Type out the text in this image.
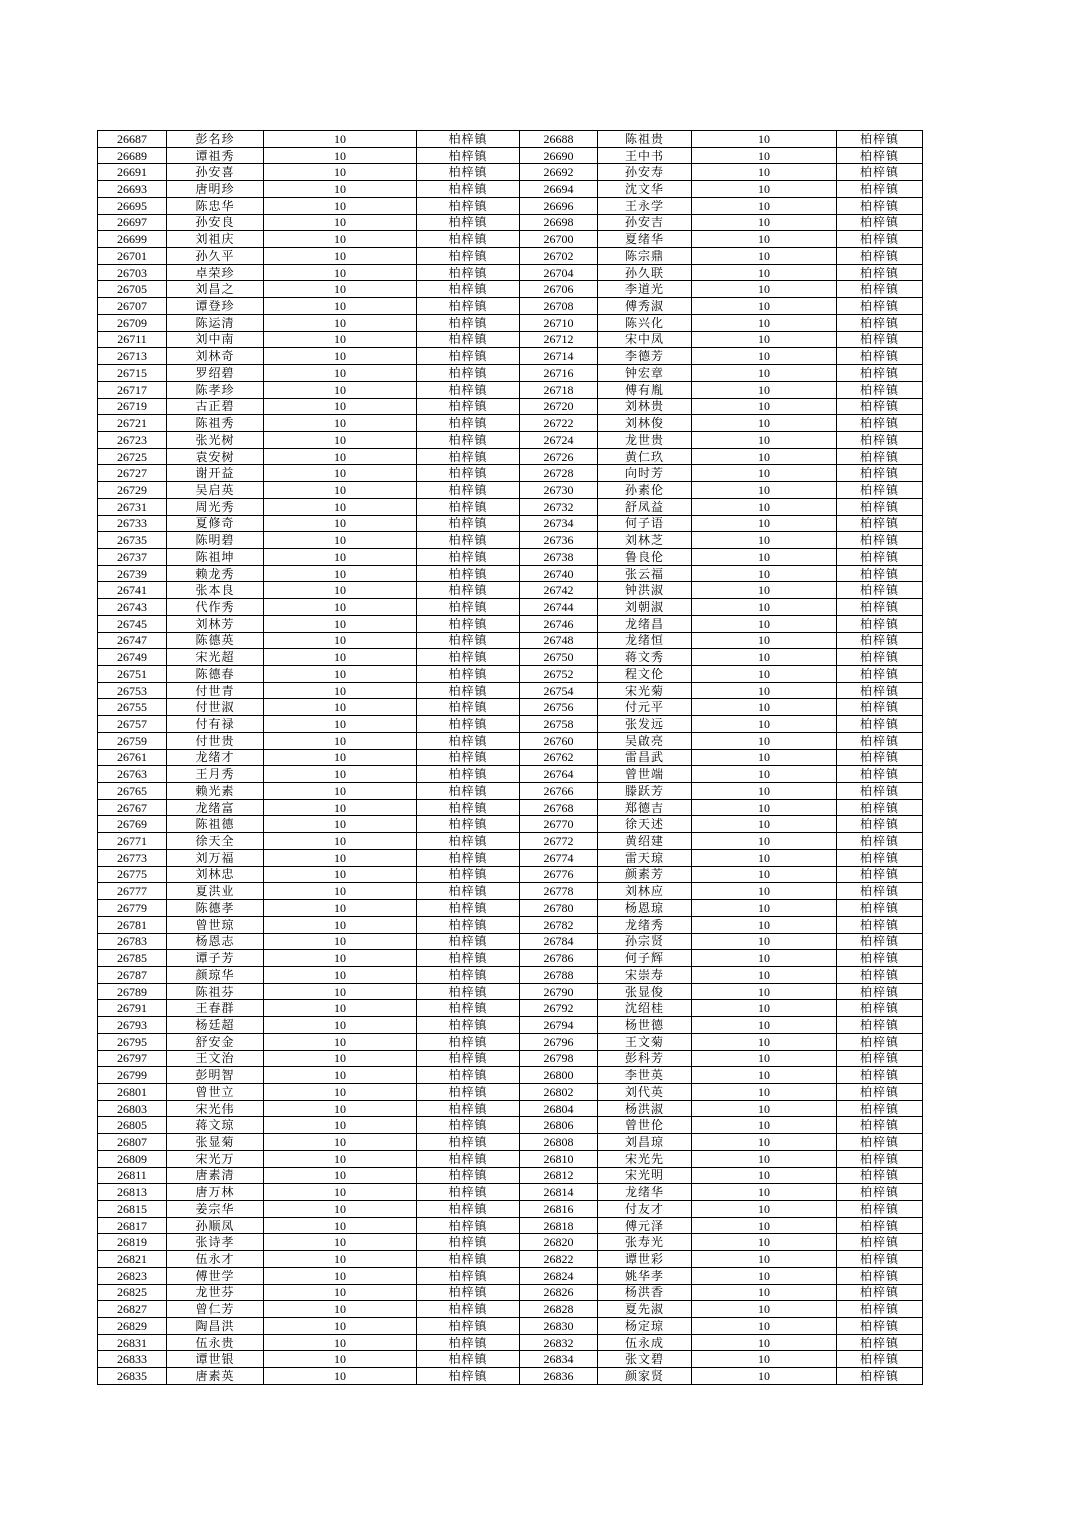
26687	彭名珍	10	柏梓镇	26688	陈祖贵	10	柏梓镇
26689	谭祖秀	10	柏梓镇	26690	王中书	10	柏梓镇
26691	孙安喜	10	柏梓镇	26692	孙安寿	10	柏梓镇
26693	唐明珍	10	柏梓镇	26694	沈文华	10	柏梓镇
26695	陈忠华	10	柏梓镇	26696	王永学	10	柏梓镇
26697	孙安良	10	柏梓镇	26698	孙安吉	10	柏梓镇
26699	刘祖庆	10	柏梓镇	26700	夏绪华	10	柏梓镇
26701	孙久平	10	柏梓镇	26702	陈宗鼎	10	柏梓镇
26703	卓荣珍	10	柏梓镇	26704	孙久联	10	柏梓镇
26705	刘昌之	10	柏梓镇	26706	李道光	10	柏梓镇
26707	谭登珍	10	柏梓镇	26708	傅秀淑	10	柏梓镇
26709	陈运清	10	柏梓镇	26710	陈兴化	10	柏梓镇
26711	刘中南	10	柏梓镇	26712	宋中凤	10	柏梓镇
26713	刘林奇	10	柏梓镇	26714	李德芳	10	柏梓镇
26715	罗绍碧	10	柏梓镇	26716	钟宏章	10	柏梓镇
26717	陈孝珍	10	柏梓镇	26718	傅有胤	10	柏梓镇
26719	古正碧	10	柏梓镇	26720	刘林贵	10	柏梓镇
26721	陈祖秀	10	柏梓镇	26722	刘林俊	10	柏梓镇
26723	张光树	10	柏梓镇	26724	龙世贵	10	柏梓镇
26725	袁安树	10	柏梓镇	26726	黄仁玖	10	柏梓镇
26727	谢开益	10	柏梓镇	26728	向时芳	10	柏梓镇
26729	吴启英	10	柏梓镇	26730	孙素伦	10	柏梓镇
26731	周光秀	10	柏梓镇	26732	舒凤益	10	柏梓镇
26733	夏修奇	10	柏梓镇	26734	何子语	10	柏梓镇
26735	陈明碧	10	柏梓镇	26736	刘林芝	10	柏梓镇
26737	陈祖坤	10	柏梓镇	26738	鲁良伦	10	柏梓镇
26739	赖龙秀	10	柏梓镇	26740	张云福	10	柏梓镇
26741	张本良	10	柏梓镇	26742	钟洪淑	10	柏梓镇
26743	代作秀	10	柏梓镇	26744	刘朝淑	10	柏梓镇
26745	刘林芳	10	柏梓镇	26746	龙绪昌	10	柏梓镇
26747	陈德英	10	柏梓镇	26748	龙绪恒	10	柏梓镇
26749	宋光超	10	柏梓镇	26750	蒋文秀	10	柏梓镇
26751	陈德春	10	柏梓镇	26752	程文伦	10	柏梓镇
26753	付世青	10	柏梓镇	26754	宋光菊	10	柏梓镇
26755	付世淑	10	柏梓镇	26756	付元平	10	柏梓镇
26757	付有禄	10	柏梓镇	26758	张发远	10	柏梓镇
26759	付世贵	10	柏梓镇	26760	吴啟亮	10	柏梓镇
26761	龙绪才	10	柏梓镇	26762	雷昌武	10	柏梓镇
26763	王月秀	10	柏梓镇	26764	曾世端	10	柏梓镇
26765	赖光素	10	柏梓镇	26766	滕跃芳	10	柏梓镇
26767	龙绪富	10	柏梓镇	26768	郑德吉	10	柏梓镇
26769	陈祖德	10	柏梓镇	26770	徐天述	10	柏梓镇
26771	徐天全	10	柏梓镇	26772	黄绍建	10	柏梓镇
26773	刘万福	10	柏梓镇	26774	雷天琼	10	柏梓镇
26775	刘林忠	10	柏梓镇	26776	颜素芳	10	柏梓镇
26777	夏洪业	10	柏梓镇	26778	刘林应	10	柏梓镇
26779	陈德孝	10	柏梓镇	26780	杨恩琼	10	柏梓镇
26781	曾世琼	10	柏梓镇	26782	龙绪秀	10	柏梓镇
26783	杨恩志	10	柏梓镇	26784	孙宗贤	10	柏梓镇
26785	谭子芳	10	柏梓镇	26786	何子辉	10	柏梓镇
26787	颜琼华	10	柏梓镇	26788	宋崇寿	10	柏梓镇
26789	陈祖芬	10	柏梓镇	26790	张显俊	10	柏梓镇
26791	王春群	10	柏梓镇	26792	沈绍桂	10	柏梓镇
26793	杨廷超	10	柏梓镇	26794	杨世德	10	柏梓镇
26795	舒安金	10	柏梓镇	26796	王文菊	10	柏梓镇
26797	王文治	10	柏梓镇	26798	彭科芳	10	柏梓镇
26799	彭明智	10	柏梓镇	26800	李世英	10	柏梓镇
26801	曾世立	10	柏梓镇	26802	刘代英	10	柏梓镇
26803	宋光伟	10	柏梓镇	26804	杨洪淑	10	柏梓镇
26805	蒋文琼	10	柏梓镇	26806	曾世伦	10	柏梓镇
26807	张显菊	10	柏梓镇	26808	刘昌琼	10	柏梓镇
26809	宋光万	10	柏梓镇	26810	宋光先	10	柏梓镇
26811	唐素清	10	柏梓镇	26812	宋光明	10	柏梓镇
26813	唐万林	10	柏梓镇	26814	龙绪华	10	柏梓镇
26815	姜宗华	10	柏梓镇	26816	付友才	10	柏梓镇
26817	孙顺凤	10	柏梓镇	26818	傅元泽	10	柏梓镇
26819	张诗孝	10	柏梓镇	26820	张寿光	10	柏梓镇
26821	伍永才	10	柏梓镇	26822	谭世彩	10	柏梓镇
26823	傅世学	10	柏梓镇	26824	姚华孝	10	柏梓镇
26825	龙世芬	10	柏梓镇	26826	杨洪香	10	柏梓镇
26827	曾仁芳	10	柏梓镇	26828	夏先淑	10	柏梓镇
26829	陶昌洪	10	柏梓镇	26830	杨定琼	10	柏梓镇
26831	伍永贵	10	柏梓镇	26832	伍永成	10	柏梓镇
26833	谭世银	10	柏梓镇	26834	张文碧	10	柏梓镇
26835	唐素英	10	柏梓镇	26836	颜家贤	10	柏梓镇
